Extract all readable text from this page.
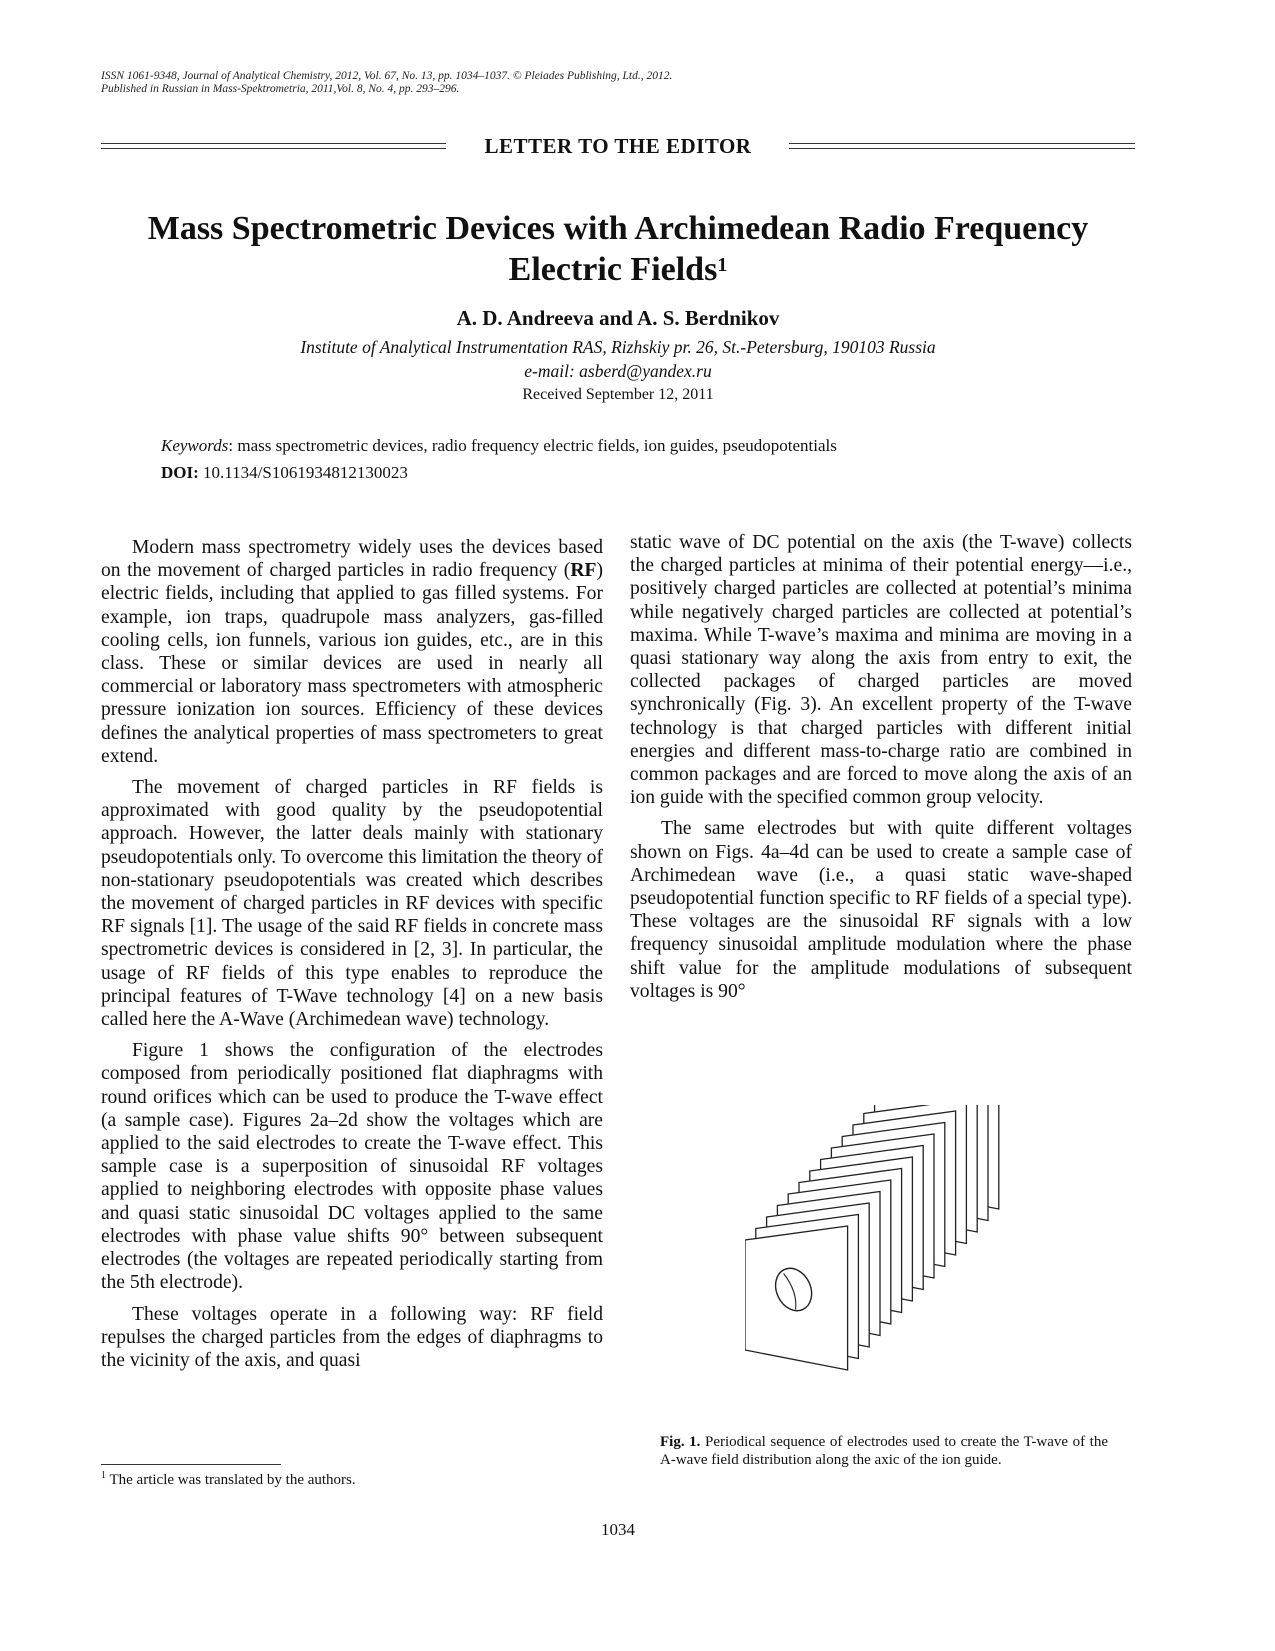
ISSN 1061-9348, Journal of Analytical Chemistry, 2012, Vol. 67, No. 13, pp. 1034–1037. © Pleiades Publishing, Ltd., 2012.
Published in Russian in Mass-Spektrometria, 2011,Vol. 8, No. 4, pp. 293–296.
LETTER TO THE EDITOR
Mass Spectrometric Devices with Archimedean Radio Frequency
Electric Fields$^1$
A. D. Andreeva and A. S. Berdnikov
Institute of Analytical Instrumentation RAS, Rizhskiy pr. 26, St.-Petersburg, 190103 Russia
e-mail: asberd@yandex.ru
Received September 12, 2011
Keywords: mass spectrometric devices, radio frequency electric fields, ion guides, pseudopotentials
DOI: 10.1134/S1061934812130023

Modern mass spectrometry widely uses the devices based on the movement of charged particles in radio frequency (RF) electric fields, including that applied to gas filled systems. For example, ion traps, quadrupole mass analyzers, gas-filled cooling cells, ion funnels, various ion guides, etc., are in this class. These or similar devices are used in nearly all commercial or laboratory mass spectrometers with atmospheric pressure ionization ion sources. Efficiency of these devices defines the analytical properties of mass spectrometers to great extend.

The movement of charged particles in RF fields is approximated with good quality by the pseudopotential approach. However, the latter deals mainly with stationary pseudopotentials only. To overcome this limitation the theory of non-stationary pseudopotentials was created which describes the movement of charged particles in RF devices with specific RF signals [1]. The usage of the said RF fields in concrete mass spectrometric devices is considered in [2, 3]. In particular, the usage of RF fields of this type enables to reproduce the principal features of T-Wave technology [4] on a new basis called here the A-Wave (Archimedean wave) technology.

Figure 1 shows the configuration of the electrodes composed from periodically positioned flat diaphragms with round orifices which can be used to produce the T-wave effect (a sample case). Figures 2a–2d show the voltages which are applied to the said electrodes to create the T-wave effect. This sample case is a superposition of sinusoidal RF voltages applied to neighboring electrodes with opposite phase values and quasi static sinusoidal DC voltages applied to the same electrodes with phase value shifts 90° between subsequent electrodes (the voltages are repeated periodically starting from the 5th electrode).

These voltages operate in a following way: RF field repulses the charged particles from the edges of diaphragms to the vicinity of the axis, and quasi

static wave of DC potential on the axis (the T-wave) collects the charged particles at minima of their potential energy—i.e., positively charged particles are collected at potential’s minima while negatively charged particles are collected at potential’s maxima. While T-wave’s maxima and minima are moving in a quasi stationary way along the axis from entry to exit, the collected packages of charged particles are moved synchronically (Fig. 3). An excellent property of the T-wave technology is that charged particles with different initial energies and different mass-to-charge ratio are combined in common packages and are forced to move along the axis of an ion guide with the specified common group velocity.

The same electrodes but with quite different voltages shown on Figs. 4a–4d can be used to create a sample case of Archimedean wave (i.e., a quasi static wave-shaped pseudopotential function specific to RF fields of a special type). These voltages are the sinusoidal RF signals with a low frequency sinusoidal amplitude modulation where the phase shift value for the amplitude modulations of subsequent voltages is 90°

Fig. 1. Periodical sequence of electrodes used to create the T-wave of the A-wave field distribution along the axic of the ion guide.
$^1$ The article was translated by the authors.
1034
